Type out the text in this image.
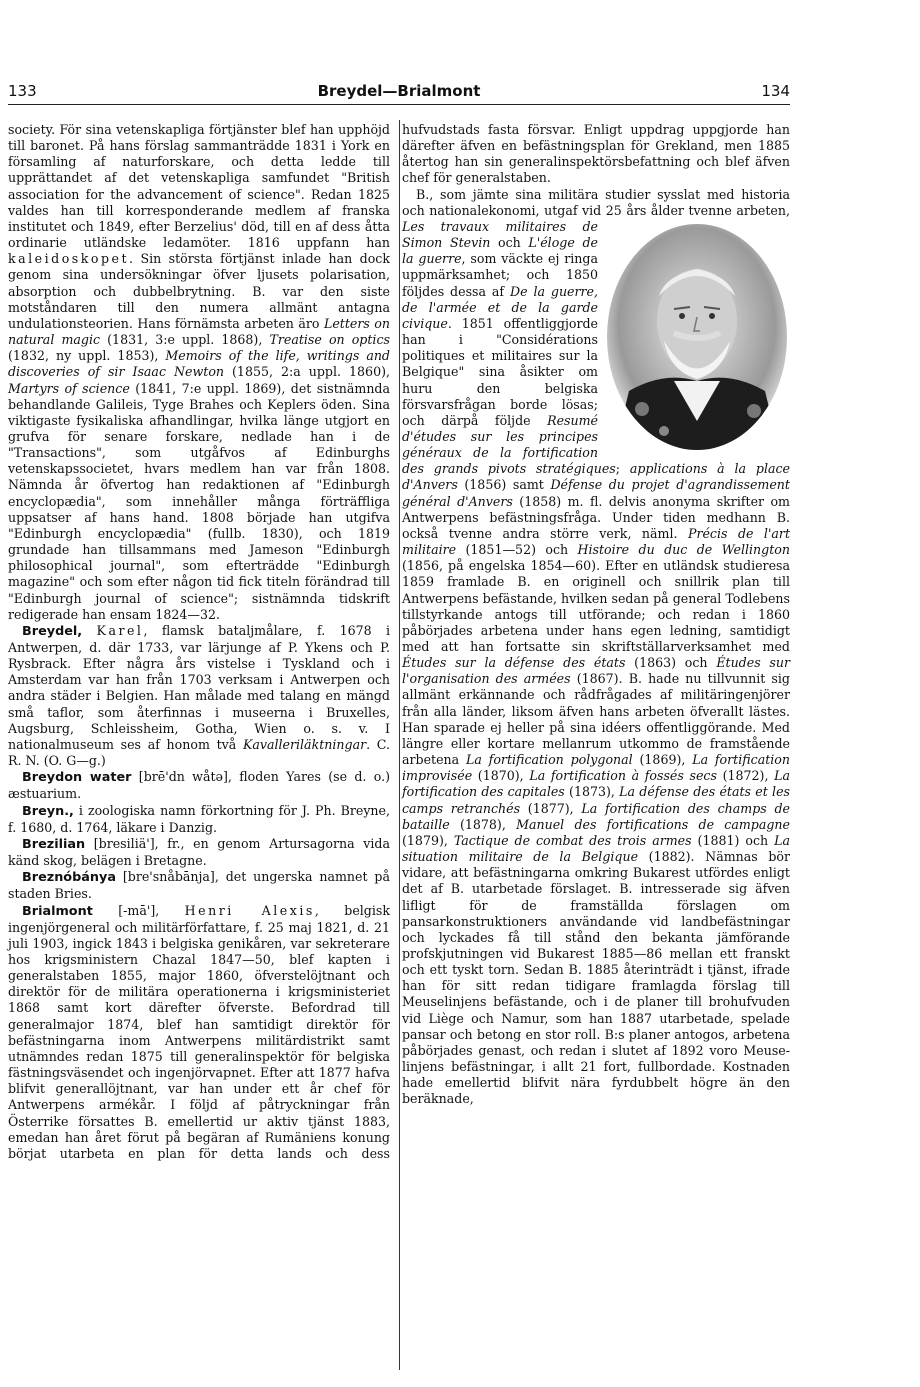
133	Breydel—Brialmont	134

society. För sina vetenskapliga förtjänster blef han upphöjd till baronet. På hans förslag sammanträdde 1831 i York en församling af naturforskare, och detta ledde till upprättandet af det vetenskapliga samfundet "British association for the advancement of science". Redan 1825 valdes han till korresponderande medlem af franska institutet och 1849, efter Berzelius' död, till en af dess åtta ordinarie utländske ledamöter. 1816 uppfann han kaleidoskopet. Sin största förtjänst inlade han dock genom sina undersökningar öfver ljusets polarisation, absorption och dubbelbrytning. B. var den siste motståndaren till den numera allmänt antagna undulationsteorien. Hans förnämsta arbeten äro Letters on natural magic (1831, 3:e uppl. 1868), Treatise on optics (1832, ny uppl. 1853), Memoirs of the life, writings and discoveries of sir Isaac Newton (1855, 2:a uppl. 1860), Martyrs of science (1841, 7:e uppl. 1869), det sistnämnda behandlande Galileis, Tyge Brahes och Keplers öden. Sina viktigaste fysikaliska afhandlingar, hvilka länge utgjort en grufva för senare forskare, nedlade han i de "Transactions", som utgåfvos af Edinburghs vetenskapssocietet, hvars medlem han var från 1808. Nämnda år öfvertog han redaktionen af "Edinburgh encyclopædia", som innehåller många förträffliga uppsatser af hans hand. 1808 började han utgifva "Edinburgh encyclopædia" (fullb. 1830), och 1819 grundade han tillsammans med Jameson "Edinburgh philosophical journal", som efterträdde "Edinburgh magazine" och som efter någon tid fick titeln förändrad till "Edinburgh journal of science"; sistnämnda tidskrift redigerade han ensam 1824—32.

Breydel, Karel, flamsk bataljmålare, f. 1678 i Antwerpen, d. där 1733, var lärjunge af P. Ykens och P. Rysbrack. Efter några års vistelse i Tyskland och i Amsterdam var han från 1703 verksam i Antwerpen och andra städer i Belgien. Han målade med talang en mängd små taflor, som återfinnas i museerna i Bruxelles, Augsburg, Schleissheim, Gotha, Wien o. s. v. I nationalmuseum ses af honom två Kavalleriläktningar. C. R. N. (O. G—g.)

Breydon water [brē'dn wåtə], floden Yares (se d. o.) æstuarium.

Breyn., i zoologiska namn förkortning för J. Ph. Breyne, f. 1680, d. 1764, läkare i Danzig.

Brezilian [bresiliä'], fr., en genom Artursagorna vida känd skog, belägen i Bretagne.

Breznóbánya [bre'snåbānja], det ungerska namnet på staden Bries.

Brialmont [-mā'], Henri Alexis, belgisk ingenjörgeneral och militärförfattare, f. 25 maj 1821, d. 21 juli 1903, ingick 1843 i belgiska genikåren, var sekreterare hos krigsministern Chazal 1847—50, blef kapten i generalstaben 1855, major 1860, öfverstelöjtnant och direktör för de militära operationerna i krigsministeriet 1868 samt kort därefter öfverste. Befordrad till generalmajor 1874, blef han samtidigt direktör för befästningarna inom Antwerpens militärdistrikt samt utnämndes redan 1875 till generalinspektör för belgiska fästningsväsendet och ingenjörvapnet. Efter att 1877 hafva blifvit generallöjtnant, var han under ett år chef för Antwerpens armékår. I följd af påtryckningar från Österrike försattes B. emellertid ur aktiv tjänst 1883, emedan han året förut på begäran af Rumäniens konung börjat utarbeta en plan för detta lands och dess

hufvudstads fasta försvar. Enligt uppdrag uppgjorde han därefter äfven en befästningsplan för Grekland, men 1885 återtog han sin generalinspektörsbefattning och blef äfven chef för generalstaben.

B., som jämte sina militära studier sysslat med historia och nationalekonomi, utgaf vid 25 års ålder tvenne arbeten,
Les travaux militaires de Simon Stevin och L'éloge de la guerre, som väckte ej ringa uppmärksamhet; och 1850 följdes dessa af De la guerre, de l'armée et de la garde civique. 1851 offentliggjorde han i "Considérations politiques et militaires sur la Belgique" sina åsikter om huru den belgiska försvarsfrågan borde lösas; och därpå följde Resumé d'études sur les principes généraux de la fortification des grands pivots stratégiques; applications à la place d'Anvers (1856) samt Défense du projet d'agrandissement général d'Anvers (1858) m. fl. delvis anonyma skrifter om Antwerpens befästningsfråga. Under tiden medhann B. också tvenne andra större verk, näml. Précis de l'art militaire (1851—52) och Histoire du duc de Wellington (1856, på engelska 1854—60). Efter en utländsk studieresa 1859 framlade B. en originell och snillrik plan till Antwerpens befästande, hvilken sedan på general Todlebens tillstyrkande antogs till utförande; och redan i 1860 påbörjades arbetena under hans egen ledning, samtidigt med att han fortsatte sin skriftställarverksamhet med Études sur la défense des états (1863) och Études sur l'organisation des armées (1867). B. hade nu tillvunnit sig allmänt erkännande och rådfrågades af militäringenjörer från alla länder, liksom äfven hans arbeten öfverallt lästes. Han sparade ej heller på sina idéers offentliggörande. Med längre eller kortare mellanrum utkommo de framstående arbetena La fortification polygonal (1869), La fortification improvisée (1870), La fortification à fossés secs (1872), La fortification des capitales (1873), La défense des états et les camps retranchés (1877), La fortification des champs de bataille (1878), Manuel des fortifications de campagne (1879), Tactique de combat des trois armes (1881) och La situation militaire de la Belgique (1882). Nämnas bör vidare, att befästningarna omkring Bukarest utfördes enligt det af B. utarbetade förslaget. B. intresserade sig äfven lifligt för de framställda förslagen om pansarkonstruktioners användande vid landbefästningar och lyckades få till stånd den bekanta jämförande profskjutningen vid Bukarest 1885—86 mellan ett franskt och ett tyskt torn. Sedan B. 1885 återinträdt i tjänst, ifrade han för sitt redan tidigare framlagda förslag till Meuselinjens befästande, och i de planer till brohufvuden vid Liège och Namur, som han 1887 utarbetade, spelade pansar och betong en stor roll. B:s planer antogos, arbetena påbörjades genast, och redan i slutet af 1892 voro Meuse-linjens befästningar, i allt 21 fort, fullbordade. Kostnaden hade emellertid blifvit nära fyrdubbelt högre än den beräknade,
